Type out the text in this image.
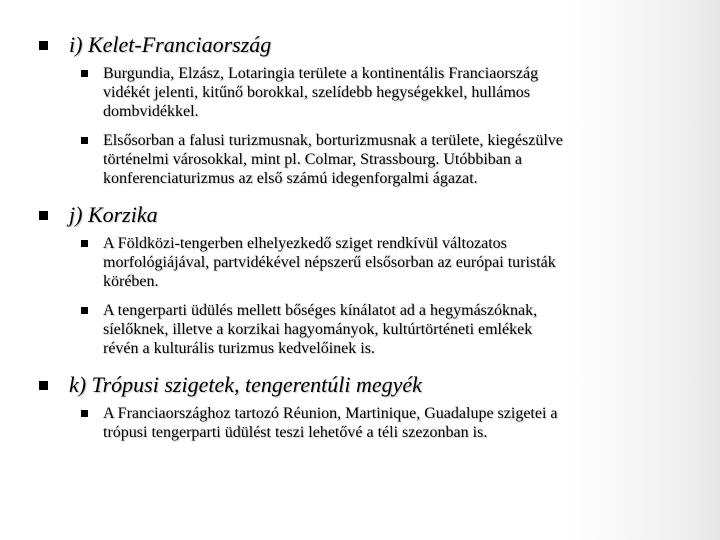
i) Kelet-Franciaország
Burgundia, Elzász, Lotaringia területe a kontinentális Franciaország
vidékét jelenti, kitűnő borokkal, szelídebb hegységekkel, hullámos
dombvidékkel.
Elsősorban a falusi turizmusnak, borturizmusnak a területe, kiegészülve
történelmi városokkal, mint pl. Colmar, Strassbourg. Utóbbiban a
konferenciaturizmus az első számú idegenforgalmi ágazat.
j) Korzika
A Földközi-tengerben elhelyezkedő sziget rendkívül változatos
morfológiájával, partvidékével népszerű elsősorban az európai turisták
körében.
A tengerparti üdülés mellett bőséges kínálatot ad a hegymászóknak,
síelőknek, illetve a korzikai hagyományok, kultúrtörténeti emlékek
révén a kulturális turizmus kedvelőinek is.
k) Trópusi szigetek, tengerentúli megyék
A Franciaországhoz tartozó Réunion, Martinique, Guadalupe szigetei a
trópusi tengerparti üdülést teszi lehetővé a téli szezonban is.
